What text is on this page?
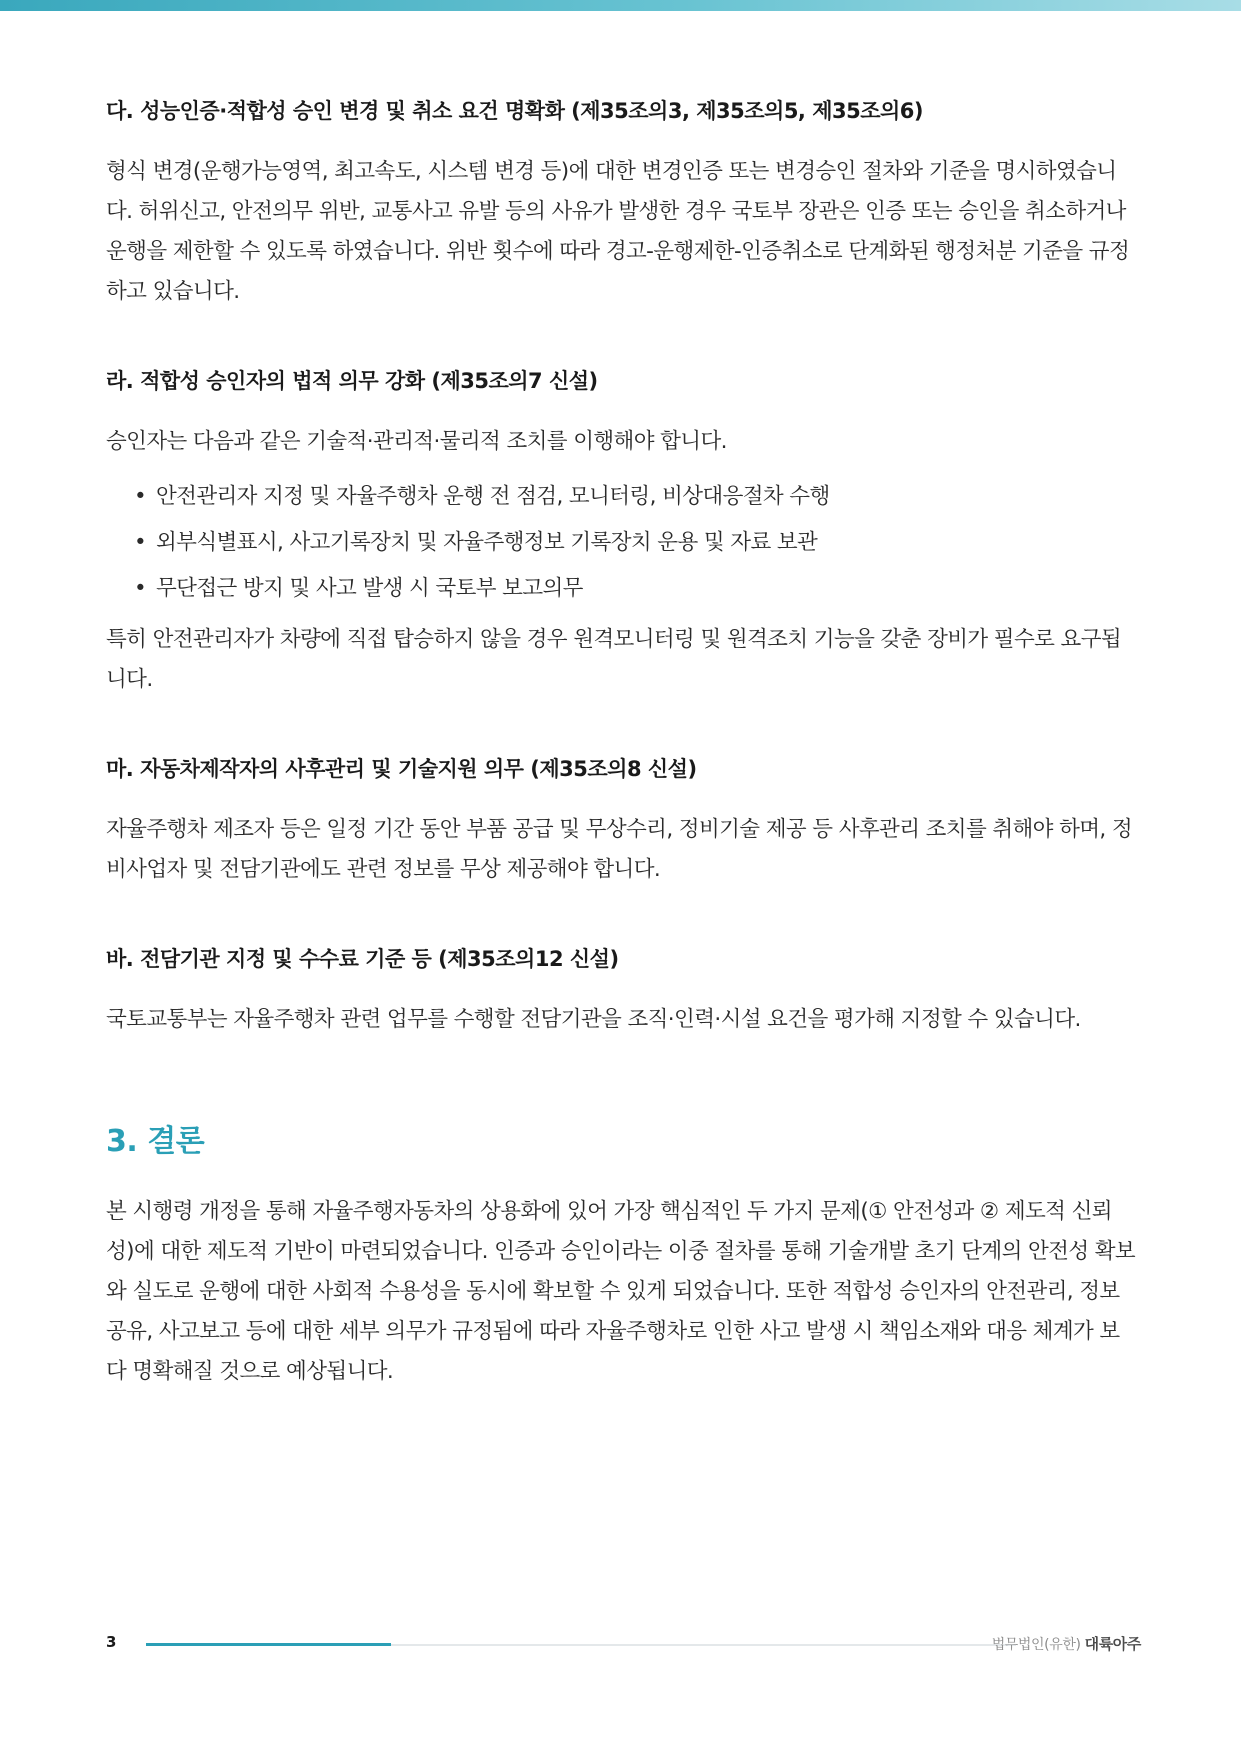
다. 성능인증·적합성 승인 변경 및 취소 요건 명확화 (제35조의3, 제35조의5, 제35조의6)

형식 변경(운행가능영역, 최고속도, 시스템 변경 등)에 대한 변경인증 또는 변경승인 절차와 기준을 명시하였습니다. 허위신고, 안전의무 위반, 교통사고 유발 등의 사유가 발생한 경우 국토부 장관은 인증 또는 승인을 취소하거나 운행을 제한할 수 있도록 하였습니다. 위반 횟수에 따라 경고-운행제한-인증취소로 단계화된 행정처분 기준을 규정하고 있습니다.

라. 적합성 승인자의 법적 의무 강화 (제35조의7 신설)

승인자는 다음과 같은 기술적·관리적·물리적 조치를 이행해야 합니다.

• 안전관리자 지정 및 자율주행차 운행 전 점검, 모니터링, 비상대응절차 수행
• 외부식별표시, 사고기록장치 및 자율주행정보 기록장치 운용 및 자료 보관
• 무단접근 방지 및 사고 발생 시 국토부 보고의무

특히 안전관리자가 차량에 직접 탑승하지 않을 경우 원격모니터링 및 원격조치 기능을 갖춘 장비가 필수로 요구됩니다.

마. 자동차제작자의 사후관리 및 기술지원 의무 (제35조의8 신설)

자율주행차 제조자 등은 일정 기간 동안 부품 공급 및 무상수리, 정비기술 제공 등 사후관리 조치를 취해야 하며, 정비사업자 및 전담기관에도 관련 정보를 무상 제공해야 합니다.

바. 전담기관 지정 및 수수료 기준 등 (제35조의12 신설)

국토교통부는 자율주행차 관련 업무를 수행할 전담기관을 조직·인력·시설 요건을 평가해 지정할 수 있습니다.

3. 결론

본 시행령 개정을 통해 자율주행자동차의 상용화에 있어 가장 핵심적인 두 가지 문제(① 안전성과 ② 제도적 신뢰성)에 대한 제도적 기반이 마련되었습니다. 인증과 승인이라는 이중 절차를 통해 기술개발 초기 단계의 안전성 확보와 실도로 운행에 대한 사회적 수용성을 동시에 확보할 수 있게 되었습니다. 또한 적합성 승인자의 안전관리, 정보공유, 사고보고 등에 대한 세부 의무가 규정됨에 따라 자율주행차로 인한 사고 발생 시 책임소재와 대응 체계가 보다 명확해질 것으로 예상됩니다.

3	법무법인(유한) 대륙아주
